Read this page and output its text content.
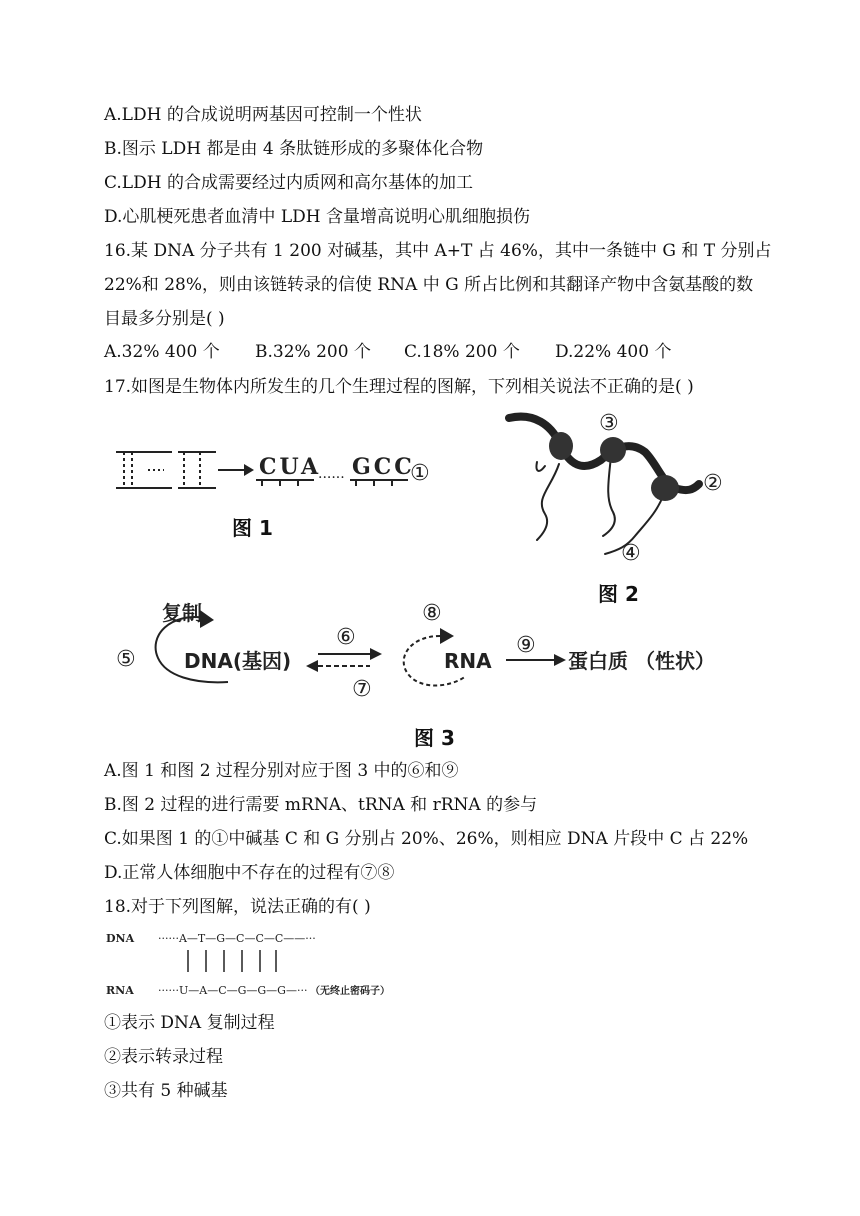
A.LDH 的合成说明两基因可控制一个性状
B.图示 LDH 都是由 4 条肽链形成的多聚体化合物
C.LDH 的合成需要经过内质网和高尔基体的加工
D.心肌梗死患者血清中 LDH 含量增高说明心肌细胞损伤
16.某 DNA 分子共有 1 200 对碱基，其中 A+T 占 46%，其中一条链中 G 和 T 分别占
22%和 28%，则由该链转录的信使 RNA 中 G 所占比例和其翻译产物中含氨基酸的数
目最多分别是( )
A.32% 400 个 B.32% 200 个 C.18% 200 个 D.22% 400 个
17.如图是生物体内所发生的几个生理过程的图解，下列相关说法不正确的是( )
CUA
...... GCC
①
图 1
③
②
④
图 2
复制
⑤ DNA(基因)
⑥
⑦
⑧
RNA
⑨
蛋白质 （性状）
图 3
A.图 1 和图 2 过程分别对应于图 3 中的⑥和⑨
B.图 2 过程的进行需要 mRNA、tRNA 和 rRNA 的参与
C.如果图 1 的①中碱基 C 和 G 分别占 20%、26%，则相应 DNA 片段中 C 占 22%
D.正常人体细胞中不存在的过程有⑦⑧
18.对于下列图解，说法正确的有( )
DNA ······A—T—G—C—C—C——···
RNA ······U—A—C—G—G—G—··· （无终止密码子）
①表示 DNA 复制过程
②表示转录过程
③共有 5 种碱基
